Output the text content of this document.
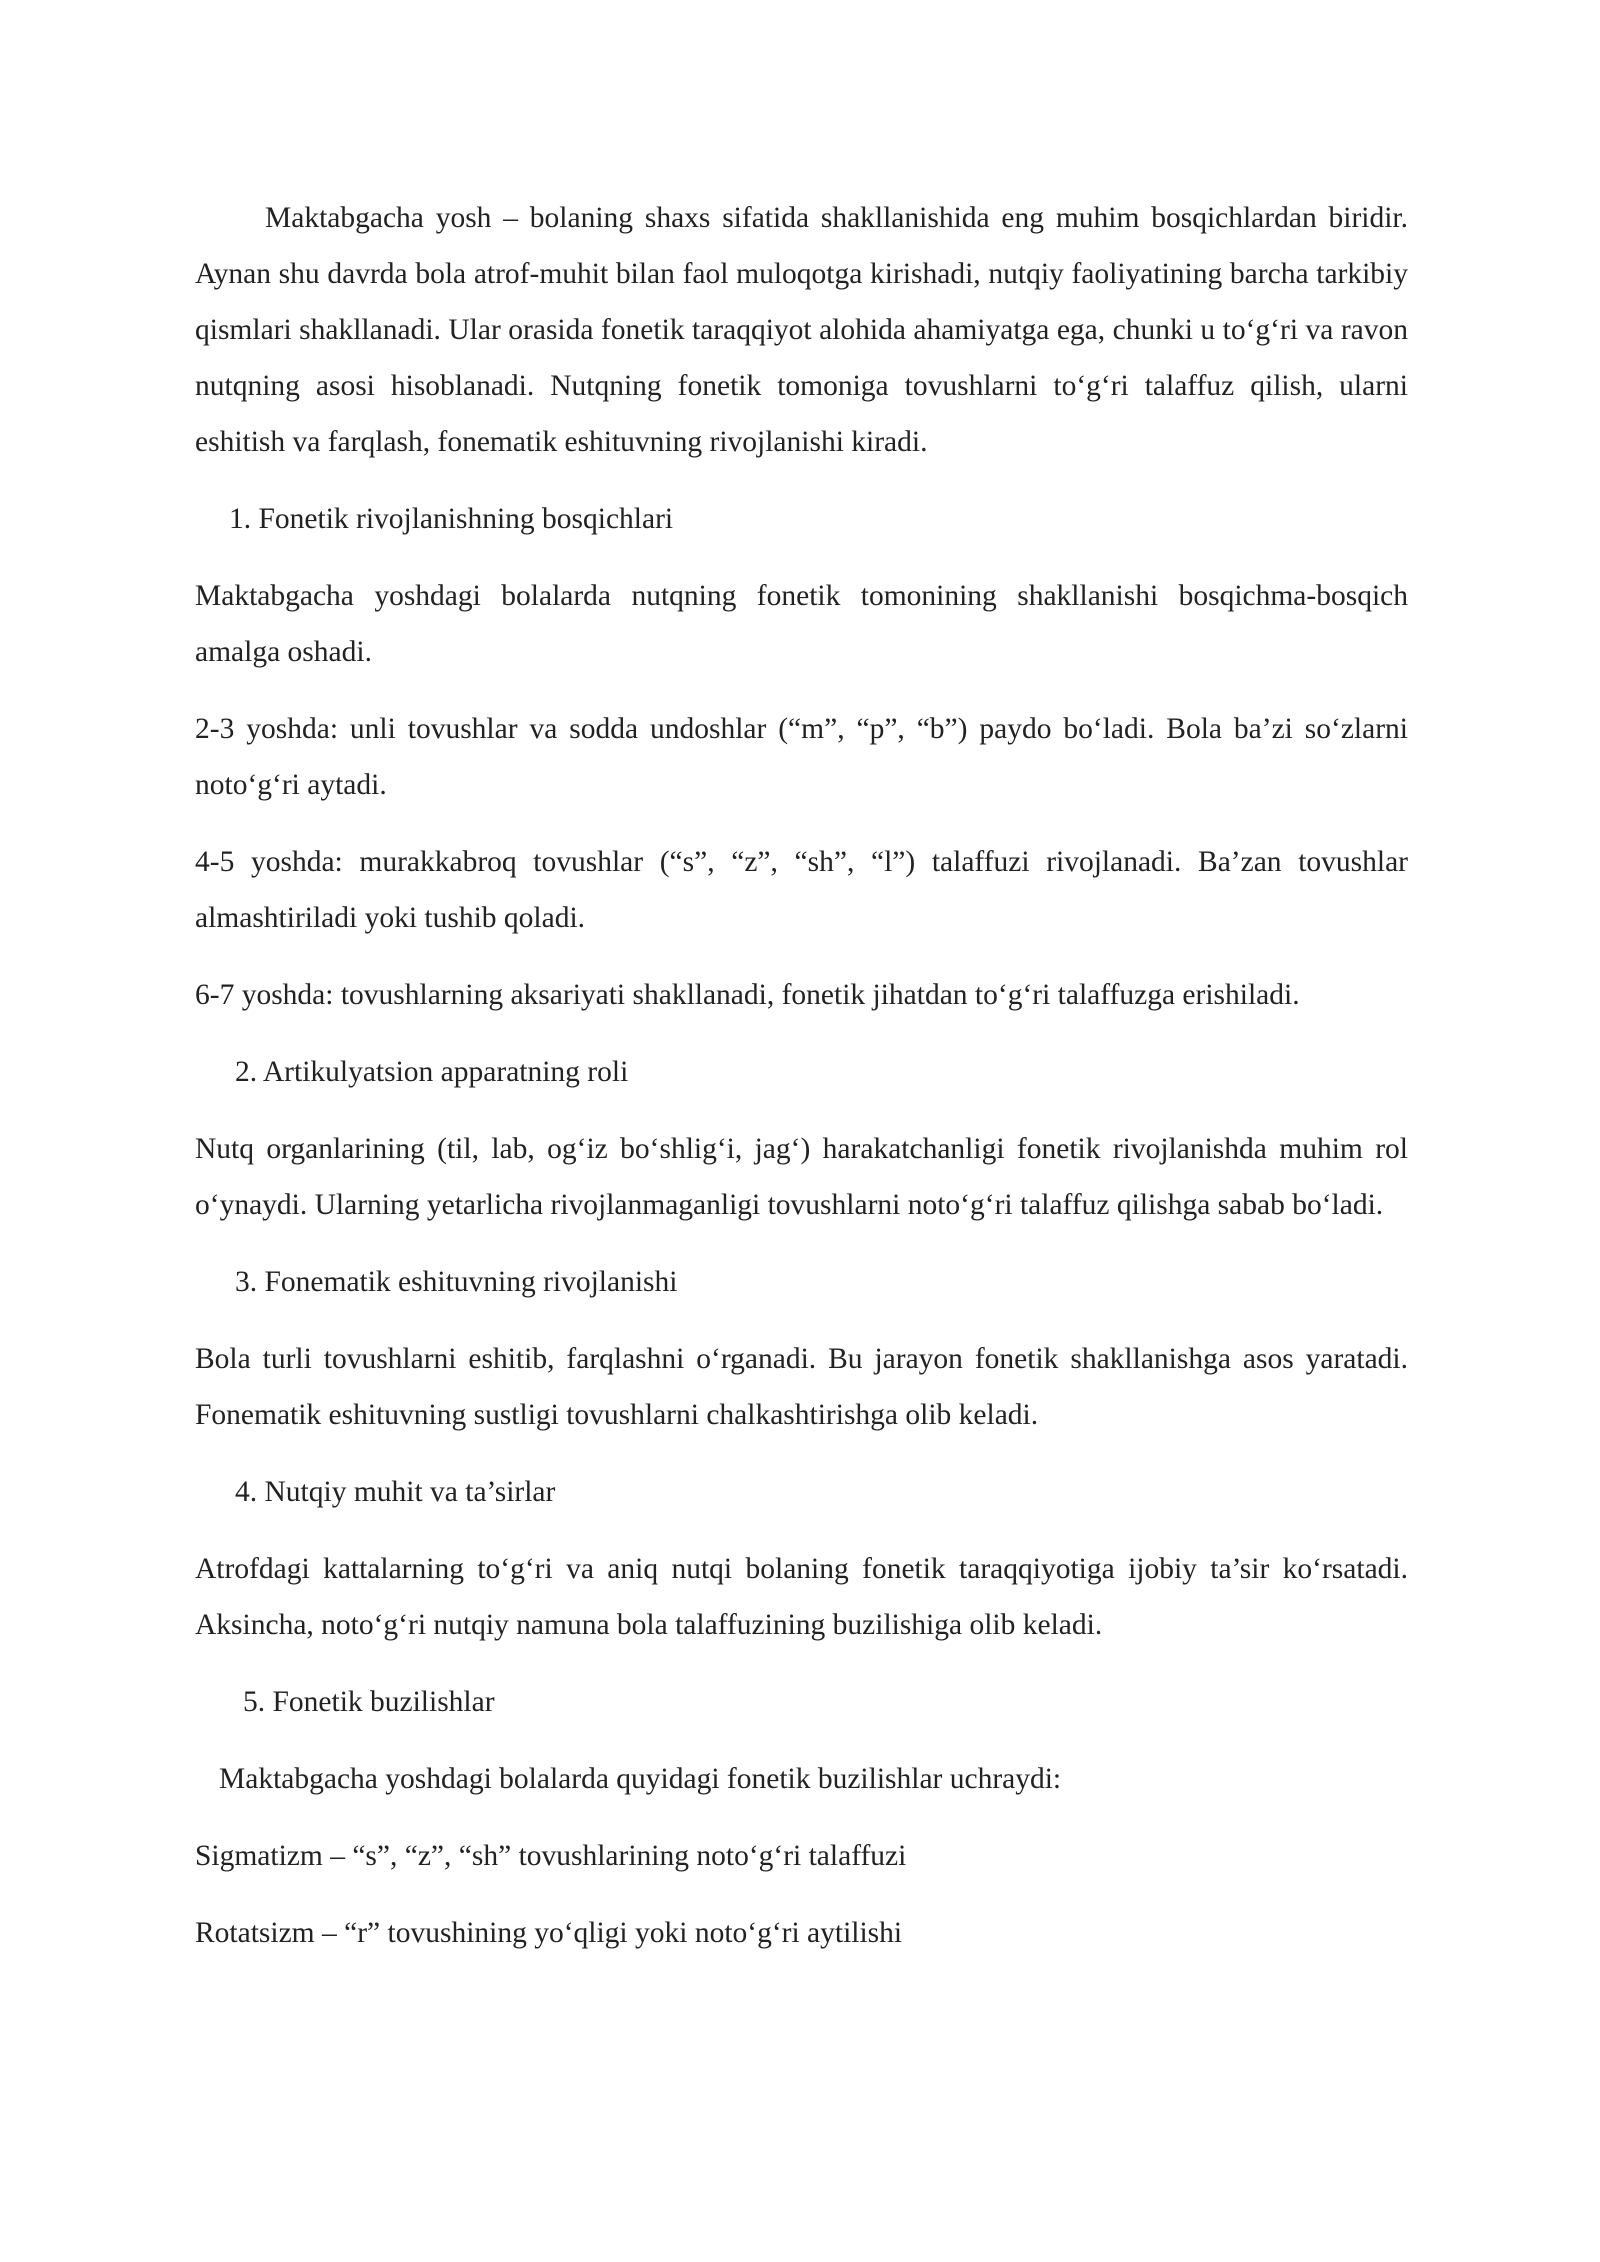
Maktabgacha yosh – bolaning shaxs sifatida shakllanishida eng muhim bosqichlardan biridir. Aynan shu davrda bola atrof-muhit bilan faol muloqotga kirishadi, nutqiy faoliyatining barcha tarkibiy qismlari shakllanadi. Ular orasida fonetik taraqqiyot alohida ahamiyatga ega, chunki u to‘g‘ri va ravon nutqning asosi hisoblanadi. Nutqning fonetik tomoniga tovushlarni to‘g‘ri talaffuz qilish, ularni eshitish va farqlash, fonematik eshituvning rivojlanishi kiradi.

1. Fonetik rivojlanishning bosqichlari

Maktabgacha yoshdagi bolalarda nutqning fonetik tomonining shakllanishi bosqichma-bosqich amalga oshadi.

2-3 yoshda: unli tovushlar va sodda undoshlar (“m”, “p”, “b”) paydo bo‘ladi. Bola ba’zi so‘zlarni noto‘g‘ri aytadi.

4-5 yoshda: murakkabroq tovushlar (“s”, “z”, “sh”, “l”) talaffuzi rivojlanadi. Ba’zan tovushlar almashtiriladi yoki tushib qoladi.

6-7 yoshda: tovushlarning aksariyati shakllanadi, fonetik jihatdan to‘g‘ri talaffuzga erishiladi.

2. Artikulyatsion apparatning roli

Nutq organlarining (til, lab, og‘iz bo‘shlig‘i, jag‘) harakatchanligi fonetik rivojlanishda muhim rol o‘ynaydi. Ularning yetarlicha rivojlanmaganligi tovushlarni noto‘g‘ri talaffuz qilishga sabab bo‘ladi.

3. Fonematik eshituvning rivojlanishi

Bola turli tovushlarni eshitib, farqlashni o‘rganadi. Bu jarayon fonetik shakllanishga asos yaratadi. Fonematik eshituvning sustligi tovushlarni chalkashtirishga olib keladi.

4. Nutqiy muhit va ta’sirlar

Atrofdagi kattalarning to‘g‘ri va aniq nutqi bolaning fonetik taraqqiyotiga ijobiy ta’sir ko‘rsatadi. Aksincha, noto‘g‘ri nutqiy namuna bola talaffuzining buzilishiga olib keladi.

5. Fonetik buzilishlar

Maktabgacha yoshdagi bolalarda quyidagi fonetik buzilishlar uchraydi:

Sigmatizm – “s”, “z”, “sh” tovushlarining noto‘g‘ri talaffuzi

Rotatsizm – “r” tovushining yo‘qligi yoki noto‘g‘ri aytilishi
